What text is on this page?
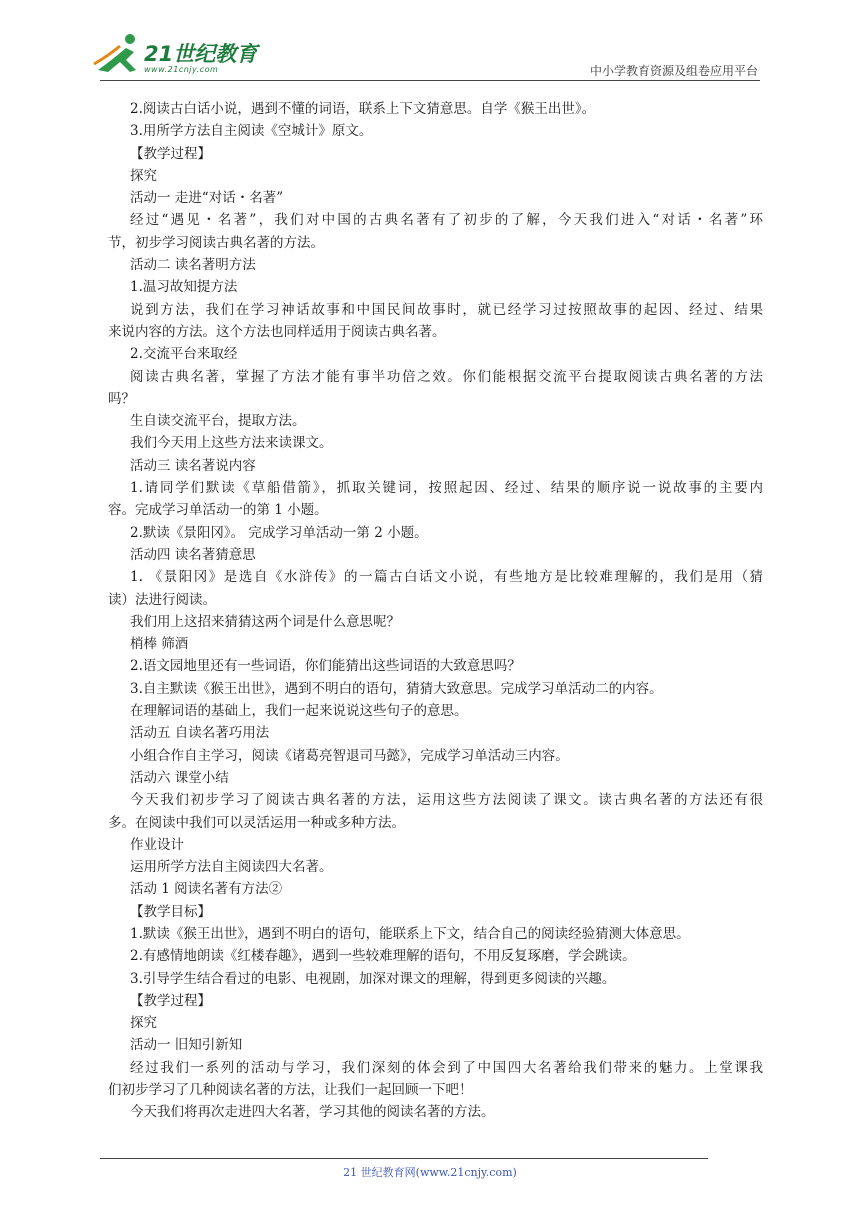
21世纪教育
www.21cnjy.com	中小学教育资源及组卷应用平台
2.阅读古白话小说，遇到不懂的词语，联系上下文猜意思。自学《猴王出世》。
3.用所学方法自主阅读《空城计》原文。
【教学过程】
探究
活动一 走进“对话・名著”
经过“遇见・名著”，我们对中国的古典名著有了初步的了解，今天我们进入“对话・名著”环
节，初步学习阅读古典名著的方法。
活动二 读名著明方法
1.温习故知提方法
说到方法，我们在学习神话故事和中国民间故事时，就已经学习过按照故事的起因、经过、结果
来说内容的方法。这个方法也同样适用于阅读古典名著。
2.交流平台来取经
阅读古典名著，掌握了方法才能有事半功倍之效。你们能根据交流平台提取阅读古典名著的方法
吗？
生自读交流平台，提取方法。
我们今天用上这些方法来读课文。
活动三 读名著说内容
1.请同学们默读《草船借箭》，抓取关键词，按照起因、经过、结果的顺序说一说故事的主要内
容。完成学习单活动一的第 1 小题。
2.默读《景阳冈》。 完成学习单活动一第 2 小题。
活动四 读名著猜意思
1. 《景阳冈》是选自《水浒传》的一篇古白话文小说，有些地方是比较难理解的，我们是用（猜
读）法进行阅读。
我们用上这招来猜猜这两个词是什么意思呢？
梢棒 筛酒
2.语文园地里还有一些词语，你们能猜出这些词语的大致意思吗？
3.自主默读《猴王出世》，遇到不明白的语句，猜猜大致意思。完成学习单活动二的内容。
在理解词语的基础上，我们一起来说说这些句子的意思。
活动五 自读名著巧用法
小组合作自主学习，阅读《诸葛亮智退司马懿》，完成学习单活动三内容。
活动六 课堂小结
今天我们初步学习了阅读古典名著的方法，运用这些方法阅读了课文。读古典名著的方法还有很
多。在阅读中我们可以灵活运用一种或多种方法。
作业设计
运用所学方法自主阅读四大名著。
活动 1 阅读名著有方法②
【教学目标】
1.默读《猴王出世》，遇到不明白的语句，能联系上下文，结合自己的阅读经验猜测大体意思。
2.有感情地朗读《红楼春趣》，遇到一些较难理解的语句，不用反复琢磨，学会跳读。
3.引导学生结合看过的电影、电视剧，加深对课文的理解，得到更多阅读的兴趣。
【教学过程】
探究
活动一 旧知引新知
经过我们一系列的活动与学习，我们深刻的体会到了中国四大名著给我们带来的魅力。上堂课我
们初步学习了几种阅读名著的方法，让我们一起回顾一下吧！
今天我们将再次走进四大名著，学习其他的阅读名著的方法。
21 世纪教育网(www.21cnjy.com)
